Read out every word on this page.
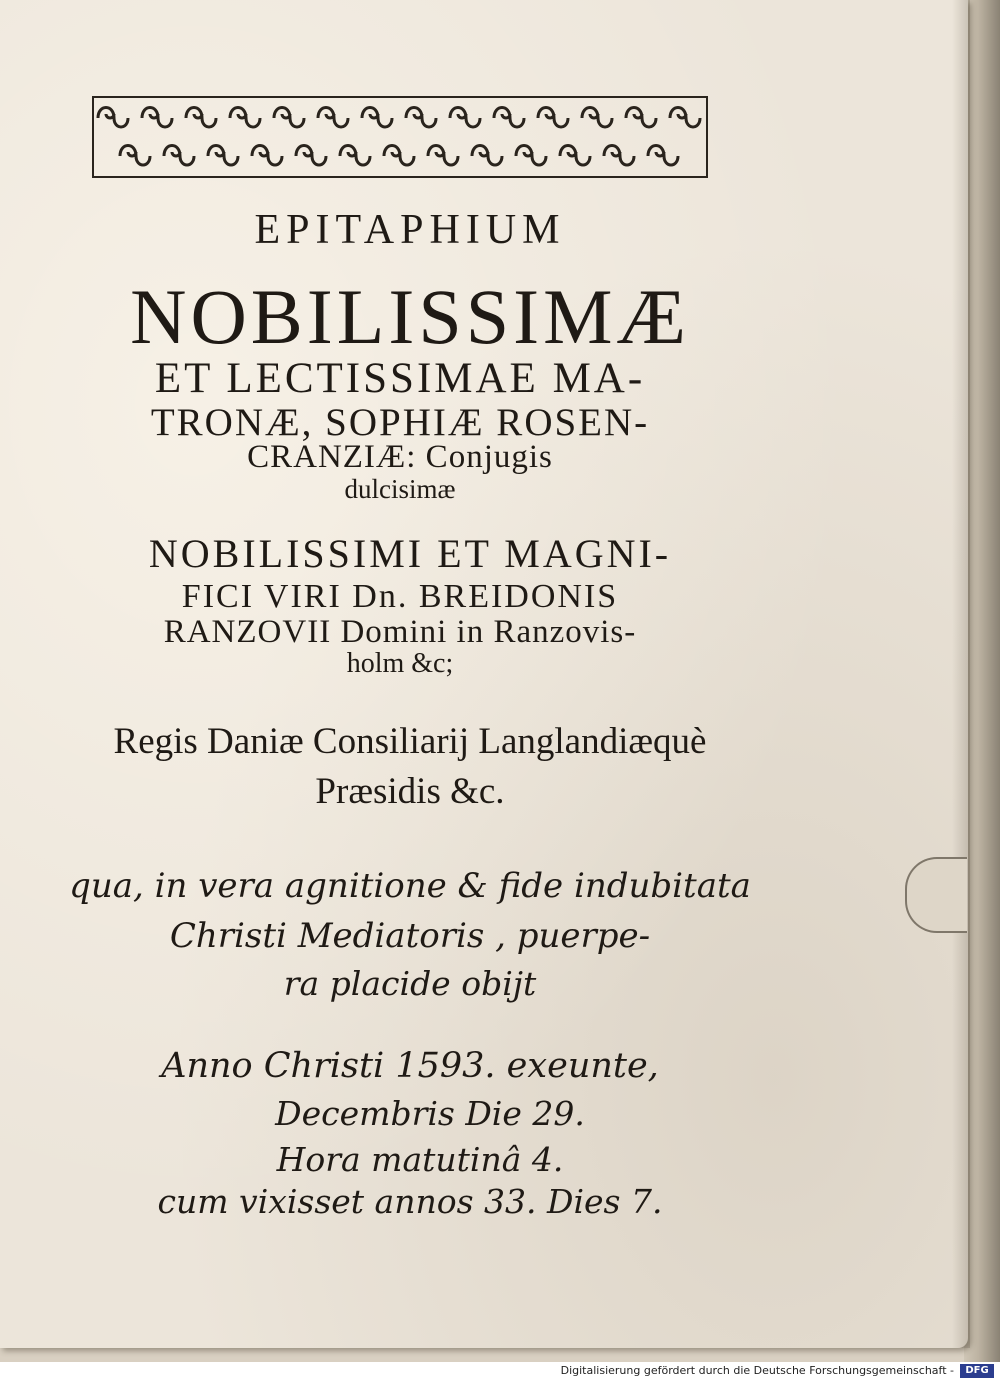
EPITAPHIUM
NOBILISSIMÆ
ET LECTISSIMAE MA-
TRONÆ, SOPHIÆ ROSEN-
CRANZIÆ: Conjugis
dulcisimæ
NOBILISSIMI ET MAGNI-
FICI VIRI Dn. BREIDONIS
RANZOVII Domini in Ranzovis-
holm &c;
Regis Daniæ Consiliarij Langlandiæquè
Præsidis &c.
qua, in vera agnitione & fide indubitata
Christi Mediatoris , puerpe-
ra placide obijt
Anno Christi 1593. exeunte,
Decembris Die 29.
Hora matutinâ 4.
cum vixisset annos 33. Dies 7.
Digitalisierung gefördert durch die Deutsche Forschungsgemeinschaft -	DFG
